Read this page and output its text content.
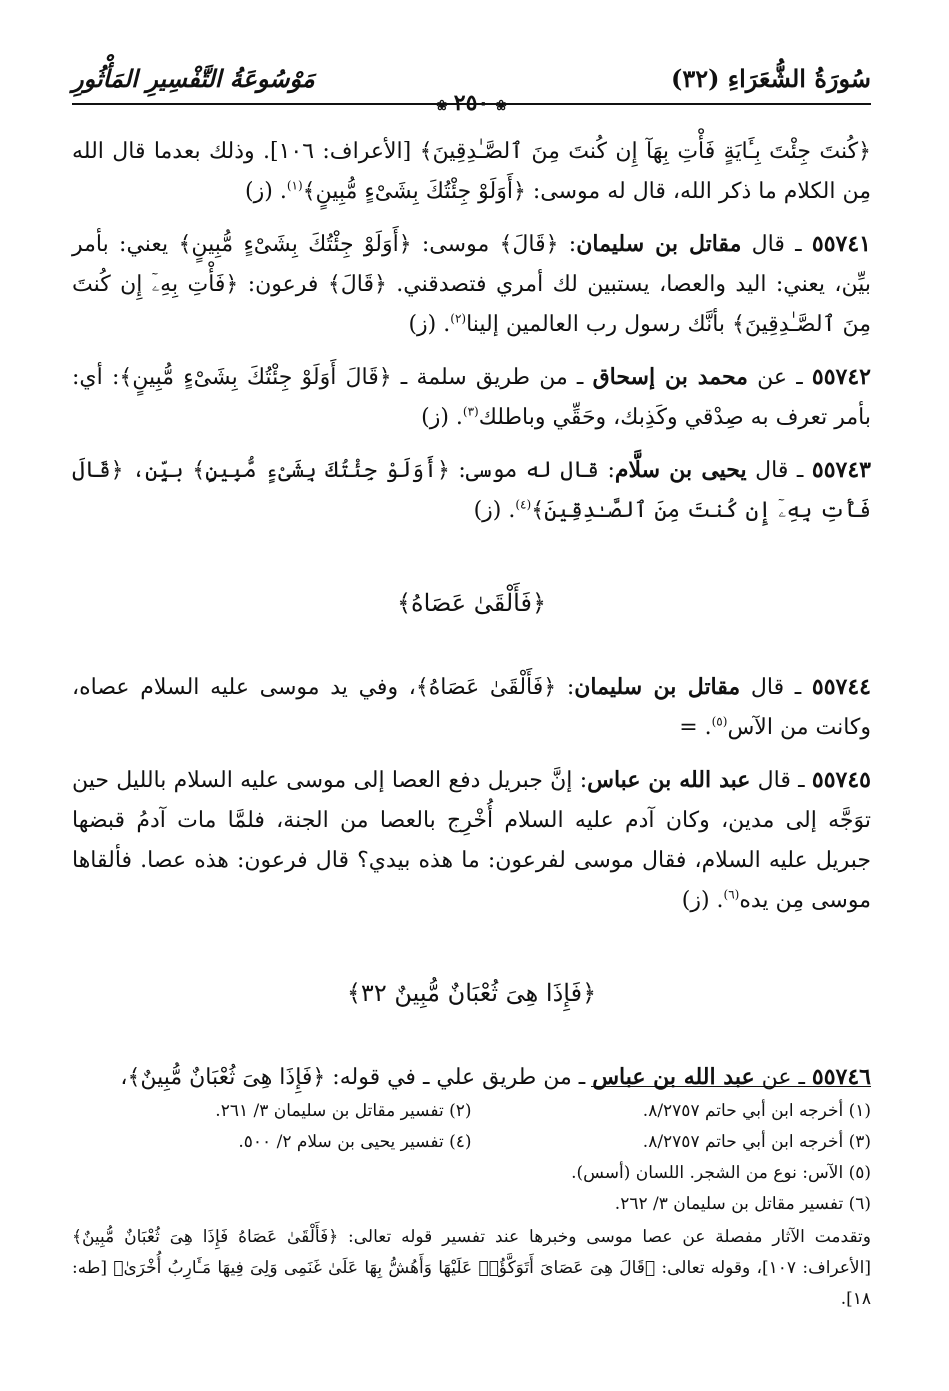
سُورَةُ الشُّعَرَاءِ (٣٢)
❀٢٥٠❀
مَوْسُوعَةُ التَّفْسِيرِ المَأْثُورِ

﴿كُنتَ جِئْتَ بِـَٔايَةٍ فَأْتِ بِهَآ إِن كُنتَ مِنَ ٱلصَّـٰدِقِينَ﴾ [الأعراف: ١٠٦]. وذلك بعدما قال الله مِن الكلام ما ذكر الله، قال له موسى: ﴿أَوَلَوْ جِئْتُكَ بِشَىْءٍ مُّبِينٍ﴾$^{(١)}$. (ز)

٥٥٧٤١ ـ قال مقاتل بن سليمان: ﴿قَالَ﴾ موسى: ﴿أَوَلَوْ جِئْتُكَ بِشَىْءٍ مُّبِينٍ﴾ يعني: بأمر بيِّن، يعني: اليد والعصا، يستبين لك أمري فتصدقني. ﴿قَالَ﴾ فرعون: ﴿فَأْتِ بِهِۦٓ إِن كُنتَ مِنَ ٱلصَّـٰدِقِينَ﴾ بأنَّك رسول رب العالمين إلينا$^{(٢)}$. (ز)

٥٥٧٤٢ ـ عن محمد بن إسحاق ـ من طريق سلمة ـ ﴿قَالَ أَوَلَوْ جِئْتُكَ بِشَىْءٍ مُّبِينٍ﴾: أي: بأمر تعرف به صِدْقي وكَذِبك، وحَقِّي وباطلك$^{(٣)}$. (ز)

٥٥٧٤٣ ـ قال يحيى بن سلَّام: قال له موسى: ﴿أَوَلَوْ جِئْتُكَ بِشَىْءٍ مُّبِينٍ﴾ بيِّن، ﴿قَالَ فَأْتِ بِهِۦٓ إِن كُنتَ مِنَ ٱلصَّـٰدِقِينَ﴾$^{(٤)}$. (ز)

﴿فَأَلْقَىٰ عَصَاهُ﴾

٥٥٧٤٤ ـ قال مقاتل بن سليمان: ﴿فَأَلْقَىٰ عَصَاهُ﴾، وفي يد موسى عليه السلام عصاه، وكانت من الآس$^{(٥)}$. =

٥٥٧٤٥ ـ قال عبد الله بن عباس: إنَّ جبريل دفع العصا إلى موسى عليه السلام بالليل حين توَجَّه إلى مدين، وكان آدم عليه السلام أُخْرِج بالعصا من الجنة، فلمَّا مات آدمُ قبضها جبريل عليه السلام، فقال موسى لفرعون: ما هذه بيدي؟ قال فرعون: هذه عصا. فألقاها موسى مِن يده$^{(٦)}$. (ز)

﴿فَإِذَا هِىَ ثُعْبَانٌ مُّبِينٌ ٣٢﴾

٥٥٧٤٦ ـ عن عبد الله بن عباس ـ من طريق علي ـ في قوله: ﴿فَإِذَا هِىَ ثُعْبَانٌ مُّبِينٌ﴾،

(١) أخرجه ابن أبي حاتم ٨/٢٧٥٧.
(٢) تفسير مقاتل بن سليمان ٣/ ٢٦١.
(٣) أخرجه ابن أبي حاتم ٨/٢٧٥٧.
(٤) تفسير يحيى بن سلام ٢/ ٥٠٠.
(٥) الآس: نوع من الشجر. اللسان (أسس).
(٦) تفسير مقاتل بن سليمان ٣/ ٢٦٢.
وتقدمت الآثار مفصلة عن عصا موسى وخبرها عند تفسير قوله تعالى: ﴿فَأَلْقَىٰ عَصَاهُ فَإِذَا هِىَ ثُعْبَانٌ مُّبِينٌ﴾ [الأعراف: ١٠٧]، وقوله تعالى: ﴿قَالَ هِىَ عَصَاىَ أَتَوَكَّؤُا۟ عَلَيْهَا وَأَهُشُّ بِهَا عَلَىٰ غَنَمِى وَلِىَ فِيهَا مَـَٔارِبُ أُخْرَىٰ﴾ [طه: ١٨].
